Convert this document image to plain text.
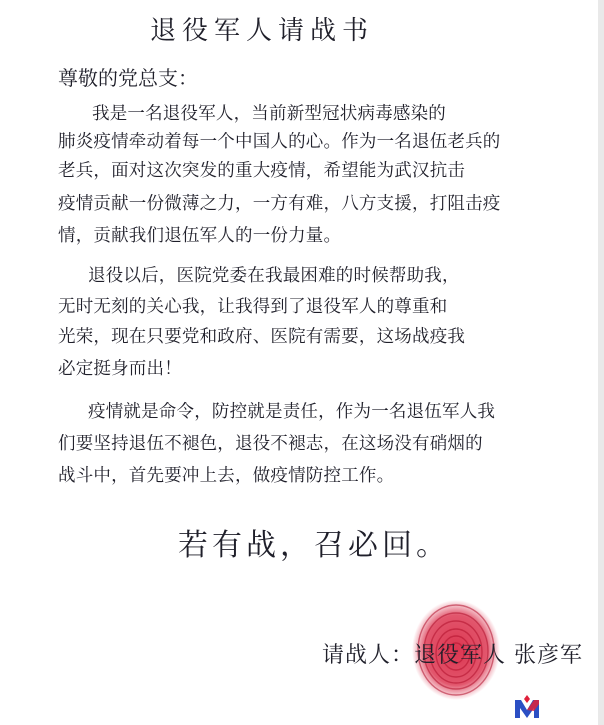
退役军人请战书
尊敬的党总支：
我是一名退役军人，当前新型冠状病毒感染的
肺炎疫情牵动着每一个中国人的心。作为一名退伍老兵的
老兵，面对这次突发的重大疫情，希望能为武汉抗击
疫情贡献一份微薄之力，一方有难，八方支援，打阻击疫
情，贡献我们退伍军人的一份力量。
退役以后，医院党委在我最困难的时候帮助我，
无时无刻的关心我，让我得到了退役军人的尊重和
光荣，现在只要党和政府、医院有需要，这场战疫我
必定挺身而出！
疫情就是命令，防控就是责任，作为一名退伍军人我
们要坚持退伍不褪色，退役不褪志，在这场没有硝烟的
战斗中，首先要冲上去，做疫情防控工作。
若有战，召必回。
请战人：退役军人 张彦军
